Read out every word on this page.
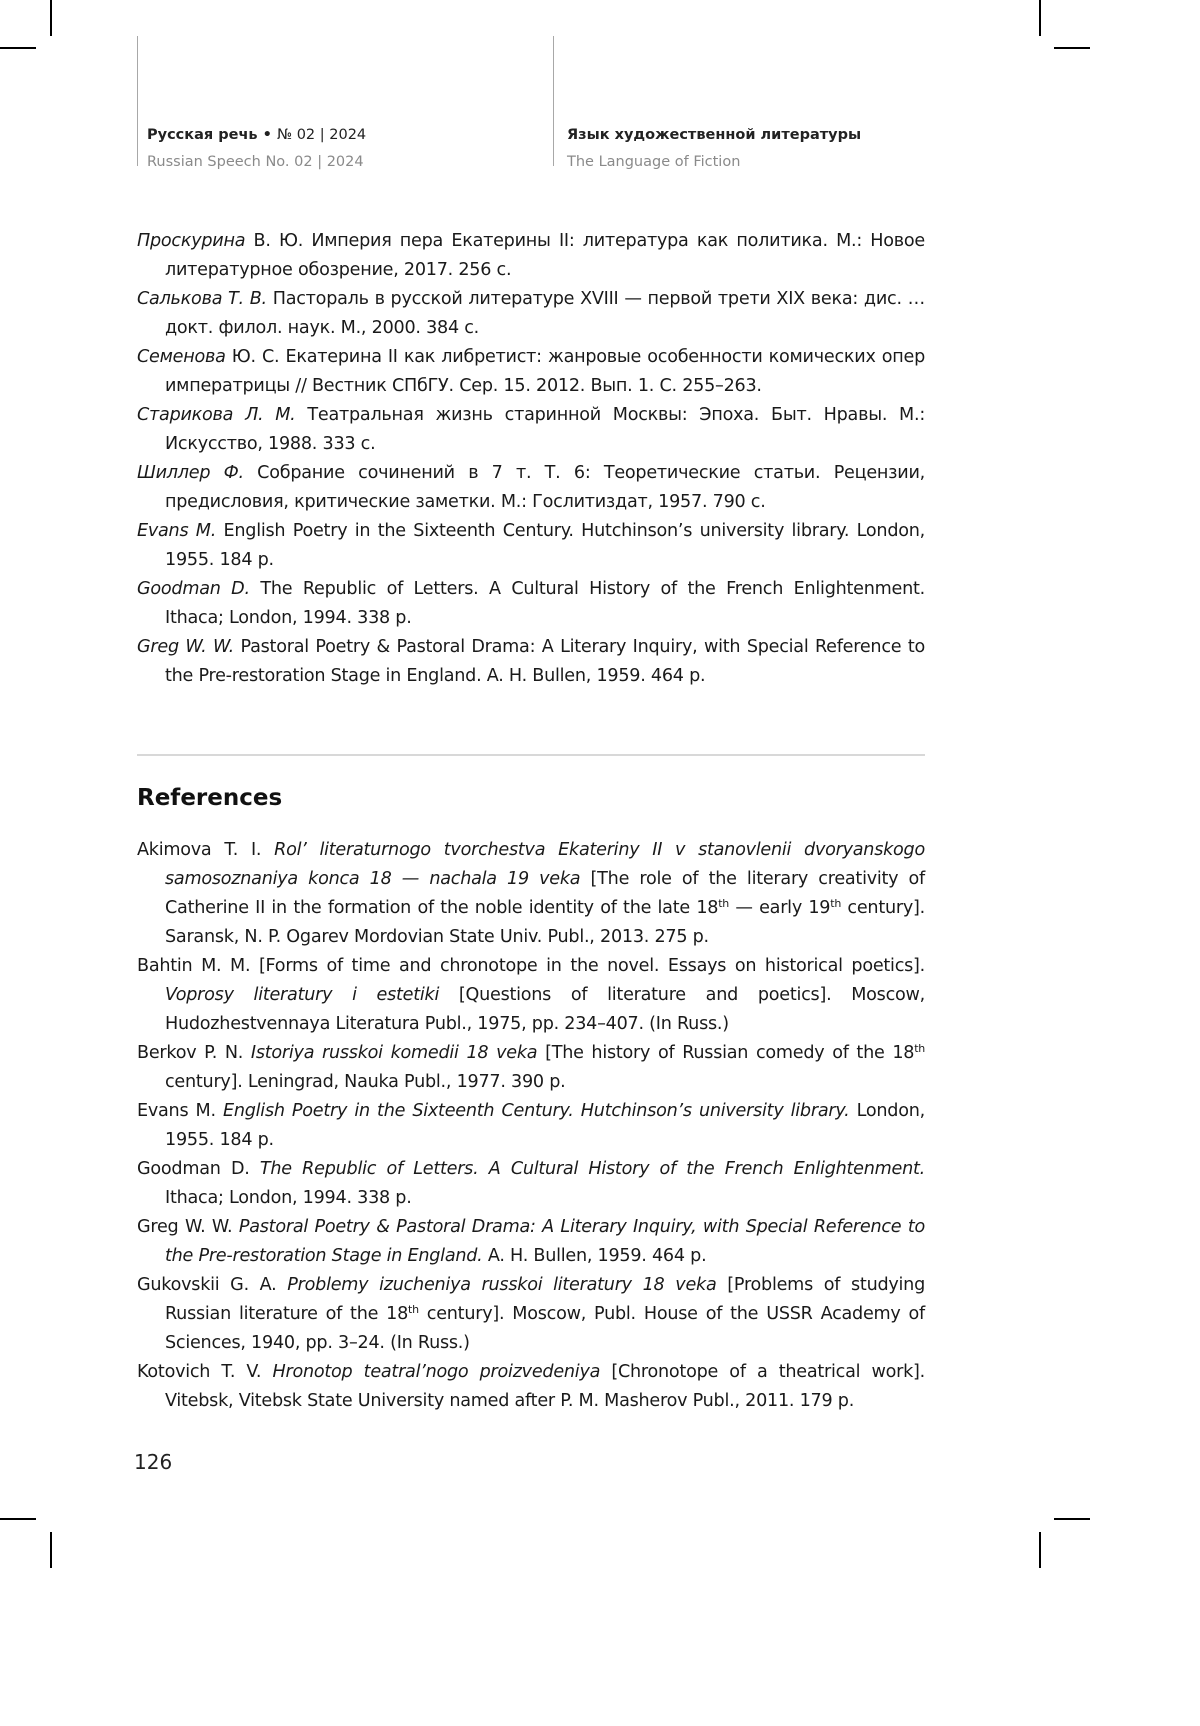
Русская речь • № 02 | 2024
Russian Speech No. 02 | 2024
Язык художественной литературы
The Language of Fiction

Проскурина В. Ю. Империя пера Екатерины II: литература как политика. М.: Новое литературное обозрение, 2017. 256 с.

Салькова Т. В. Пастораль в русской литературе XVIII — первой трети XIX века: дис. … докт. филол. наук. М., 2000. 384 с.

Семенова Ю. С. Екатерина II как либретист: жанровые особенности комических опер императрицы // Вестник СПбГУ. Сер. 15. 2012. Вып. 1. С. 255–263.

Старикова Л. М. Театральная жизнь старинной Москвы: Эпоха. Быт. Нравы. М.: Искусство, 1988. 333 с.

Шиллер Ф. Собрание сочинений в 7 т. Т. 6: Теоретические статьи. Рецензии, предисловия, критические заметки. М.: Гослитиздат, 1957. 790 с.

Evans M. English Poetry in the Sixteenth Century. Hutchinson’s university library. London, 1955. 184 p.

Goodman D. The Republic of Letters. A Cultural History of the French Enlightenment. Ithaca; London, 1994. 338 p.

Greg W. W. Pastoral Poetry & Pastoral Drama: A Literary Inquiry, with Special Reference to the Pre-restoration Stage in England. A. H. Bullen, 1959. 464 p.

References

Akimova T. I. Rol’ literaturnogo tvorchestva Ekateriny II v stanovlenii dvoryanskogo samosoznaniya konca 18 — nachala 19 veka [The role of the literary creativity of Catherine II in the formation of the noble identity of the late 18th — early 19th century]. Saransk, N. P. Ogarev Mordovian State Univ. Publ., 2013. 275 p.

Bahtin M. M. [Forms of time and chronotope in the novel. Essays on historical poetics]. Voprosy literatury i estetiki [Questions of literature and poetics]. Moscow, Hudozhestvennaya Literatura Publ., 1975, pp. 234–407. (In Russ.)

Berkov P. N. Istoriya russkoi komedii 18 veka [The history of Russian comedy of the 18th century]. Leningrad, Nauka Publ., 1977. 390 p.

Evans M. English Poetry in the Sixteenth Century. Hutchinson’s university library. London, 1955. 184 p.

Goodman D. The Republic of Letters. A Cultural History of the French Enlightenment. Ithaca; London, 1994. 338 p.

Greg W. W. Pastoral Poetry & Pastoral Drama: A Literary Inquiry, with Special Reference to the Pre-restoration Stage in England. A. H. Bullen, 1959. 464 p.

Gukovskii G. A. Problemy izucheniya russkoi literatury 18 veka [Problems of studying Russian literature of the 18th century]. Moscow, Publ. House of the USSR Academy of Sciences, 1940, pp. 3–24. (In Russ.)

Kotovich T. V. Hronotop teatral’nogo proizvedeniya [Chronotope of a theatrical work]. Vitebsk, Vitebsk State University named after P. M. Masherov Publ., 2011. 179 p.

126
